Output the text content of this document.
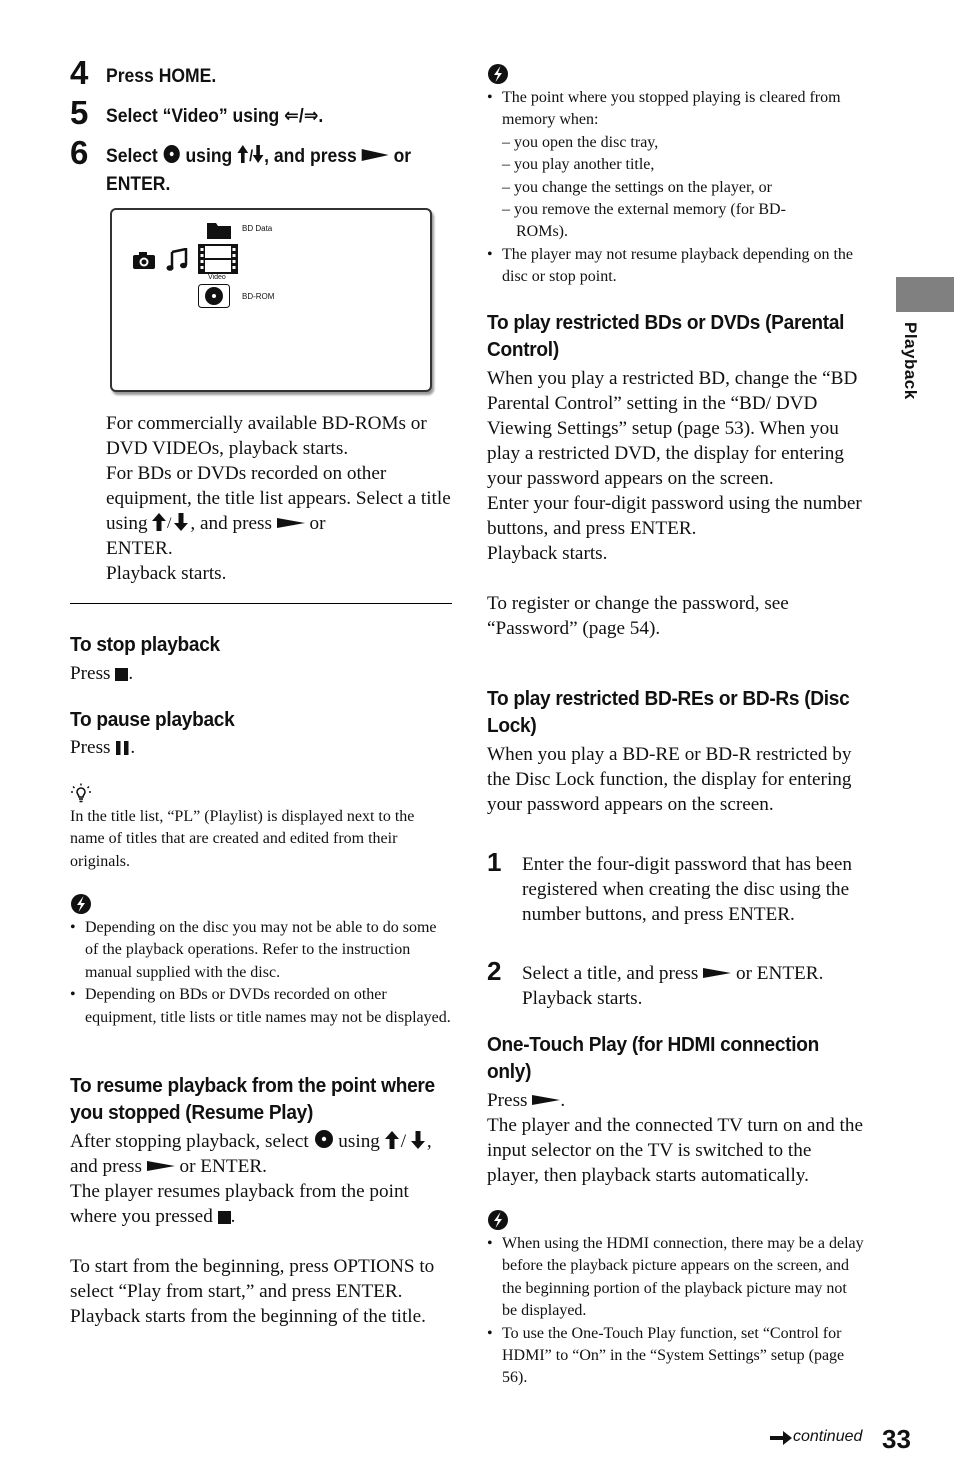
4 Press HOME.
5 Select “Video” using ⇐/⇒.
6 Select using / , and press or
ENTER.
BD Data
Video
BD-ROM
For commercially available BD-ROMs or DVD VIDEOs, playback starts.
For BDs or DVDs recorded on other equipment, the title list appears. Select a title using / , and press or
ENTER.
Playback starts.
To stop playback
Press .
To pause playback
Press .
In the title list, “PL” (Playlist) is displayed next to the name of titles that are created and edited from their originals.
• Depending on the disc you may not be able to do some of the playback operations. Refer to the instruction manual supplied with the disc.
• Depending on BDs or DVDs recorded on other equipment, title lists or title names may not be displayed.
To resume playback from the point where you stopped (Resume Play)
After stopping playback, select using / , and press or ENTER.
The player resumes playback from the point where you pressed .
To start from the beginning, press OPTIONS to select “Play from start,” and press ENTER. Playback starts from the beginning of the title.
• The point where you stopped playing is cleared from memory when:
– you open the disc tray,
– you play another title,
– you change the settings on the player, or
– you remove the external memory (for BD-
ROMs).
• The player may not resume playback depending on the disc or stop point.
To play restricted BDs or DVDs (Parental Control)
When you play a restricted BD, change the “BD Parental Control” setting in the “BD/ DVD Viewing Settings” setup (page 53). When you play a restricted DVD, the display for entering your password appears on the screen.
Enter your four-digit password using the number buttons, and press ENTER.
Playback starts.
To register or change the password, see “Password” (page 54).
To play restricted BD-REs or BD-Rs (Disc Lock)
When you play a BD-RE or BD-R restricted by the Disc Lock function, the display for entering your password appears on the screen.
1 Enter the four-digit password that has been registered when creating the disc using the number buttons, and press ENTER.
2 Select a title, and press or ENTER.
Playback starts.
One-Touch Play (for HDMI connection only)
Press .
The player and the connected TV turn on and the input selector on the TV is switched to the player, then playback starts automatically.
• When using the HDMI connection, there may be a delay before the playback picture appears on the screen, and the beginning portion of the playback picture may not be displayed.
• To use the One-Touch Play function, set “Control for HDMI” to “On” in the “System Settings” setup (page 56).
Playback
continued 33
